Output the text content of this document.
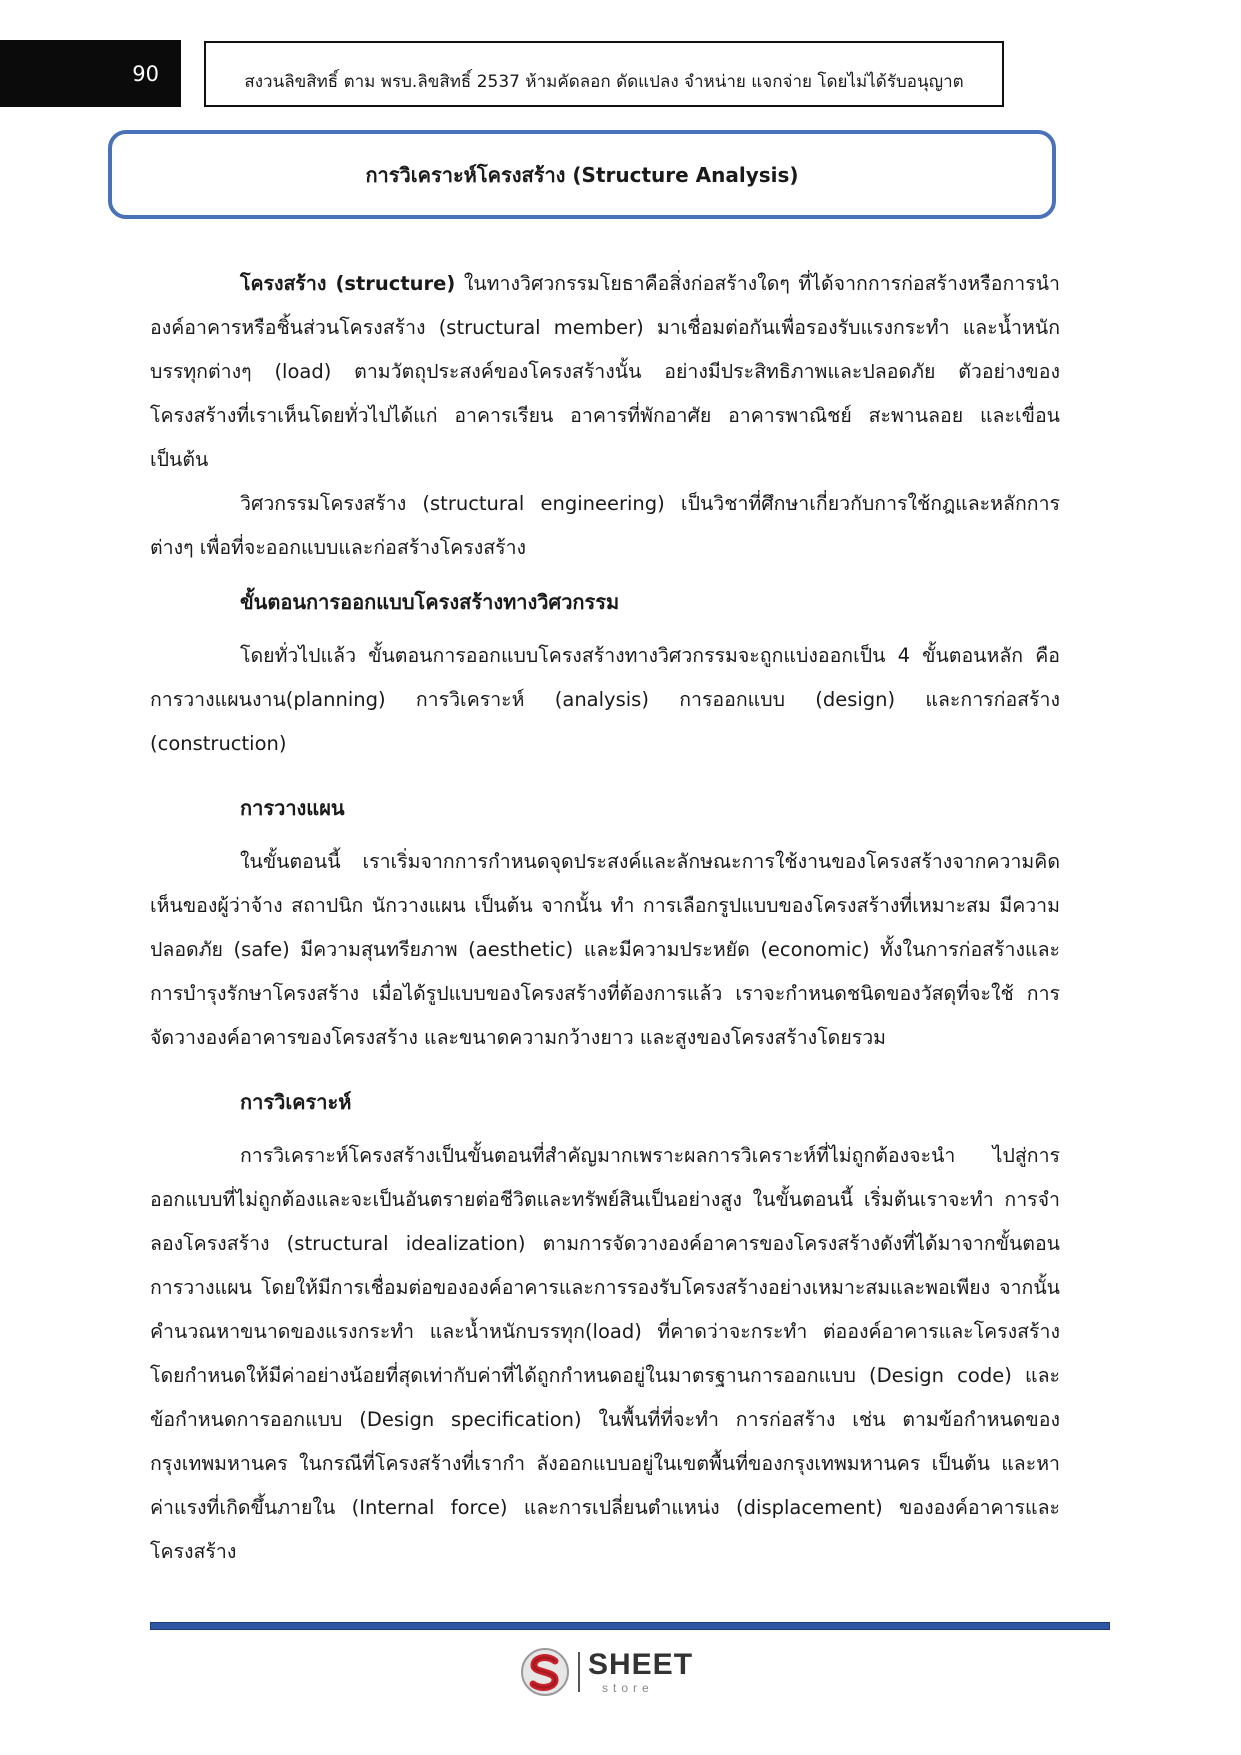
90	สงวนลิขสิทธิ์ ตาม พรบ.ลิขสิทธิ์ 2537 ห้ามคัดลอก ดัดแปลง จำหน่าย แจกจ่าย โดยไม่ได้รับอนุญาต
การวิเคราะห์โครงสร้าง (Structure Analysis)

โครงสร้าง (structure) ในทางวิศวกรรมโยธาคือสิ่งก่อสร้างใดๆ ที่ได้จากการก่อสร้างหรือการนำ องค์อาคารหรือชิ้นส่วนโครงสร้าง (structural member) มาเชื่อมต่อกันเพื่อรองรับแรงกระทำ และน้ำหนักบรรทุกต่างๆ (load) ตามวัตถุประสงค์ของโครงสร้างนั้น อย่างมีประสิทธิภาพและปลอดภัย ตัวอย่างของโครงสร้างที่เราเห็นโดยทั่วไปได้แก่ อาคารเรียน อาคารที่พักอาศัย อาคารพาณิชย์ สะพานลอย และเขื่อน เป็นต้น

วิศวกรรมโครงสร้าง (structural engineering) เป็นวิชาที่ศึกษาเกี่ยวกับการใช้กฎและหลักการต่างๆ เพื่อที่จะออกแบบและก่อสร้างโครงสร้าง

ขั้นตอนการออกแบบโครงสร้างทางวิศวกรรม

โดยทั่วไปแล้ว ขั้นตอนการออกแบบโครงสร้างทางวิศวกรรมจะถูกแบ่งออกเป็น 4 ขั้นตอนหลัก คือ การวางแผนงาน(planning) การวิเคราะห์ (analysis) การออกแบบ (design) และการก่อสร้าง (construction)

การวางแผน

ในขั้นตอนนี้ เราเริ่มจากการกำหนดจุดประสงค์และลักษณะการใช้งานของโครงสร้างจากความคิดเห็นของผู้ว่าจ้าง สถาปนิก นักวางแผน เป็นต้น จากนั้น ทำ การเลือกรูปแบบของโครงสร้างที่เหมาะสม มีความปลอดภัย (safe) มีความสุนทรียภาพ (aesthetic) และมีความประหยัด (economic) ทั้งในการก่อสร้างและการบำรุงรักษาโครงสร้าง เมื่อได้รูปแบบของโครงสร้างที่ต้องการแล้ว เราจะกำหนดชนิดของวัสดุที่จะใช้ การจัดวางองค์อาคารของโครงสร้าง และขนาดความกว้างยาว และสูงของโครงสร้างโดยรวม

การวิเคราะห์

การวิเคราะห์โครงสร้างเป็นขั้นตอนที่สำคัญมากเพราะผลการวิเคราะห์ที่ไม่ถูกต้องจะนำ ไปสู่การออกแบบที่ไม่ถูกต้องและจะเป็นอันตรายต่อชีวิตและทรัพย์สินเป็นอย่างสูง ในขั้นตอนนี้ เริ่มต้นเราจะทำ การจำ ลองโครงสร้าง (structural idealization) ตามการจัดวางองค์อาคารของโครงสร้างดังที่ได้มาจากขั้นตอนการวางแผน โดยให้มีการเชื่อมต่อขององค์อาคารและการรองรับโครงสร้างอย่างเหมาะสมและพอเพียง จากนั้น คำนวณหาขนาดของแรงกระทำ และน้ำหนักบรรทุก(load) ที่คาดว่าจะกระทำ ต่อองค์อาคารและโครงสร้าง โดยกำหนดให้มีค่าอย่างน้อยที่สุดเท่ากับค่าที่ได้ถูกกำหนดอยู่ในมาตรฐานการออกแบบ (Design code) และข้อกำหนดการออกแบบ (Design specification) ในพื้นที่ที่จะทำ การก่อสร้าง เช่น ตามข้อกำหนดของกรุงเทพมหานคร ในกรณีที่โครงสร้างที่เรากำ ลังออกแบบอยู่ในเขตพื้นที่ของกรุงเทพมหานคร เป็นต้น และหาค่าแรงที่เกิดขึ้นภายใน (Internal force) และการเปลี่ยนตำแหน่ง (displacement) ขององค์อาคารและโครงสร้าง

SHEET
store
